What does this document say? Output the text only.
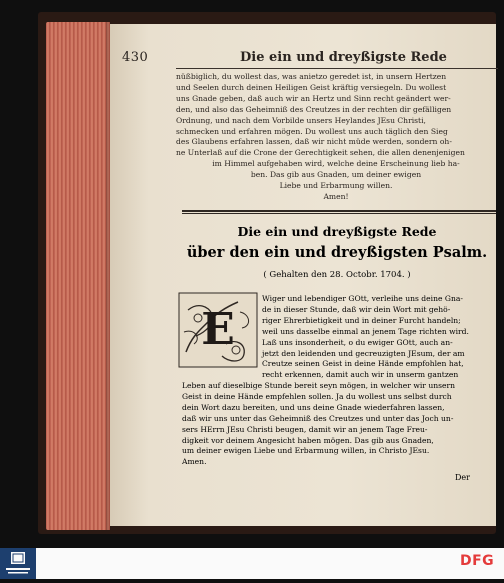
430	Die ein und dreyßigste Rede
nüßbiglich, du wollest das, was anietzo geredet ist, in unsern Hertzen
und Seelen durch deinen Heiligen Geist kräftig versiegeln. Du wollest
uns Gnade geben, daß auch wir an Hertz und Sinn recht geändert wer-
den, und also das Geheimniß des Creutzes in der rechten dir gefälligen
Ordnung, und nach dem Vorbilde unsers Heylandes JEsu Christi,
schmecken und erfahren mögen. Du wollest uns auch täglich den Sieg
des Glaubens erfahren lassen, daß wir nicht müde werden, sondern oh-
ne Unterlaß auf die Crone der Gerechtigkeit sehen, die allen denenjenigen
im Himmel aufgehaben wird, welche deine Erscheinung lieb ha-
ben. Das gib aus Gnaden, um deiner ewigen
Liebe und Erbarmung willen.
Amen!
Die ein und dreyßigste Rede
über den ein und dreyßigsten Psalm.
( Gehalten den 28. Octobr. 1704. )
E
Wiger und lebendiger GOtt, verleihe uns deine Gna-
de in dieser Stunde, daß wir dein Wort mit gehö-
riger Ehrerbietigkeit und in deiner Furcht handeln;
weil uns dasselbe einmal an jenem Tage richten wird.
Laß uns insonderheit, o du ewiger GOtt, auch an-
jetzt den leidenden und gecreuzigten JEsum, der am
Creutze seinen Geist in deine Hände empfohlen hat,
recht erkennen, damit auch wir in unserm gantzen
Leben auf dieselbige Stunde bereit seyn mögen, in welcher wir unsern
Geist in deine Hände empfehlen sollen. Ja du wollest uns selbst durch
dein Wort dazu bereiten, und uns deine Gnade wiederfahren lassen,
daß wir uns unter das Geheimniß des Creutzes und unter das Joch un-
sers HErrn JEsu Christi beugen, damit wir an jenem Tage Freu-
digkeit vor deinem Angesicht haben mögen. Das gib aus Gnaden,
um deiner ewigen Liebe und Erbarmung willen, in Christo JEsu.
Amen.
Der
DFG
